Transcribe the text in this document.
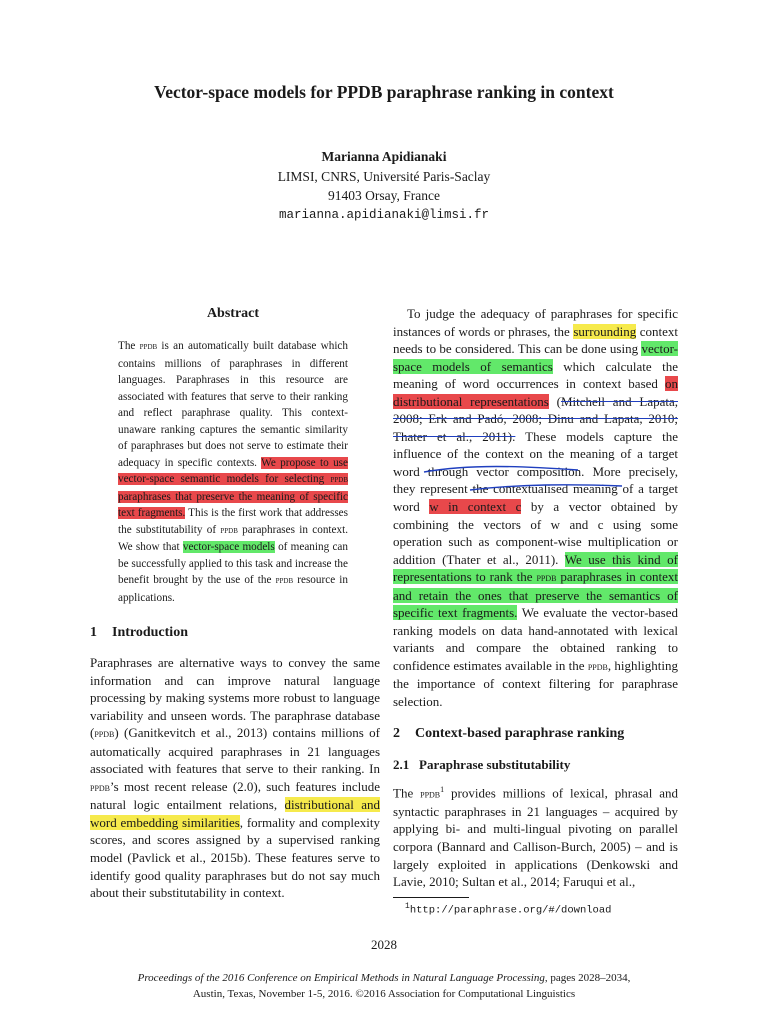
Vector-space models for PPDB paraphrase ranking in context
Marianna Apidianaki
LIMSI, CNRS, Université Paris-Saclay
91403 Orsay, France
marianna.apidianaki@limsi.fr
Abstract
The ppdb is an automatically built database which contains millions of paraphrases in different languages. Paraphrases in this resource are associated with features that serve to their ranking and reflect paraphrase quality. This context-unaware ranking captures the semantic similarity of paraphrases but does not serve to estimate their adequacy in specific contexts. We propose to use vector-space semantic models for selecting ppdb paraphrases that preserve the meaning of specific text fragments. This is the first work that addresses the substitutability of ppdb paraphrases in context. We show that vector-space models of meaning can be successfully applied to this task and increase the benefit brought by the use of the ppdb resource in applications.
1 Introduction
Paraphrases are alternative ways to convey the same information and can improve natural language processing by making systems more robust to language variability and unseen words. The paraphrase database (ppdb) (Ganitkevitch et al., 2013) contains millions of automatically acquired paraphrases in 21 languages associated with features that serve to their ranking. In ppdb’s most recent release (2.0), such features include natural logic entailment relations, distributional and word embedding similarities, formality and complexity scores, and scores assigned by a supervised ranking model (Pavlick et al., 2015b). These features serve to identify good quality paraphrases but do not say much about their substitutability in context.

To judge the adequacy of paraphrases for specific instances of words or phrases, the surrounding context needs to be considered. This can be done using vector-space models of semantics which calculate the meaning of word occurrences in context based on distributional representations (Mitchell and Lapata, 2008; Erk and Padó, 2008; Dinu and Lapata, 2010; Thater et al., 2011). These models capture the influence of the context on the meaning of a target word through vector composition. More precisely, they represent the contextualised meaning of a target word w in context c by a vector obtained by combining the vectors of w and c using some operation such as component-wise multiplication or addition (Thater et al., 2011). We use this kind of representations to rank the ppdb paraphrases in context and retain the ones that preserve the semantics of specific text fragments. We evaluate the vector-based ranking models on data hand-annotated with lexical variants and compare the obtained ranking to confidence estimates available in the ppdb, highlighting the importance of context filtering for paraphrase selection.

2 Context-based paraphrase ranking
2.1 Paraphrase substitutability
The ppdb$^1$ provides millions of lexical, phrasal and syntactic paraphrases in 21 languages – acquired by applying bi- and multi-lingual pivoting on parallel corpora (Bannard and Callison-Burch, 2005) – and is largely exploited in applications (Denkowski and Lavie, 2010; Sultan et al., 2014; Faruqui et al.,
$^1$http://paraphrase.org/#/download
2028
Proceedings of the 2016 Conference on Empirical Methods in Natural Language Processing, pages 2028–2034,
Austin, Texas, November 1-5, 2016. ©2016 Association for Computational Linguistics
